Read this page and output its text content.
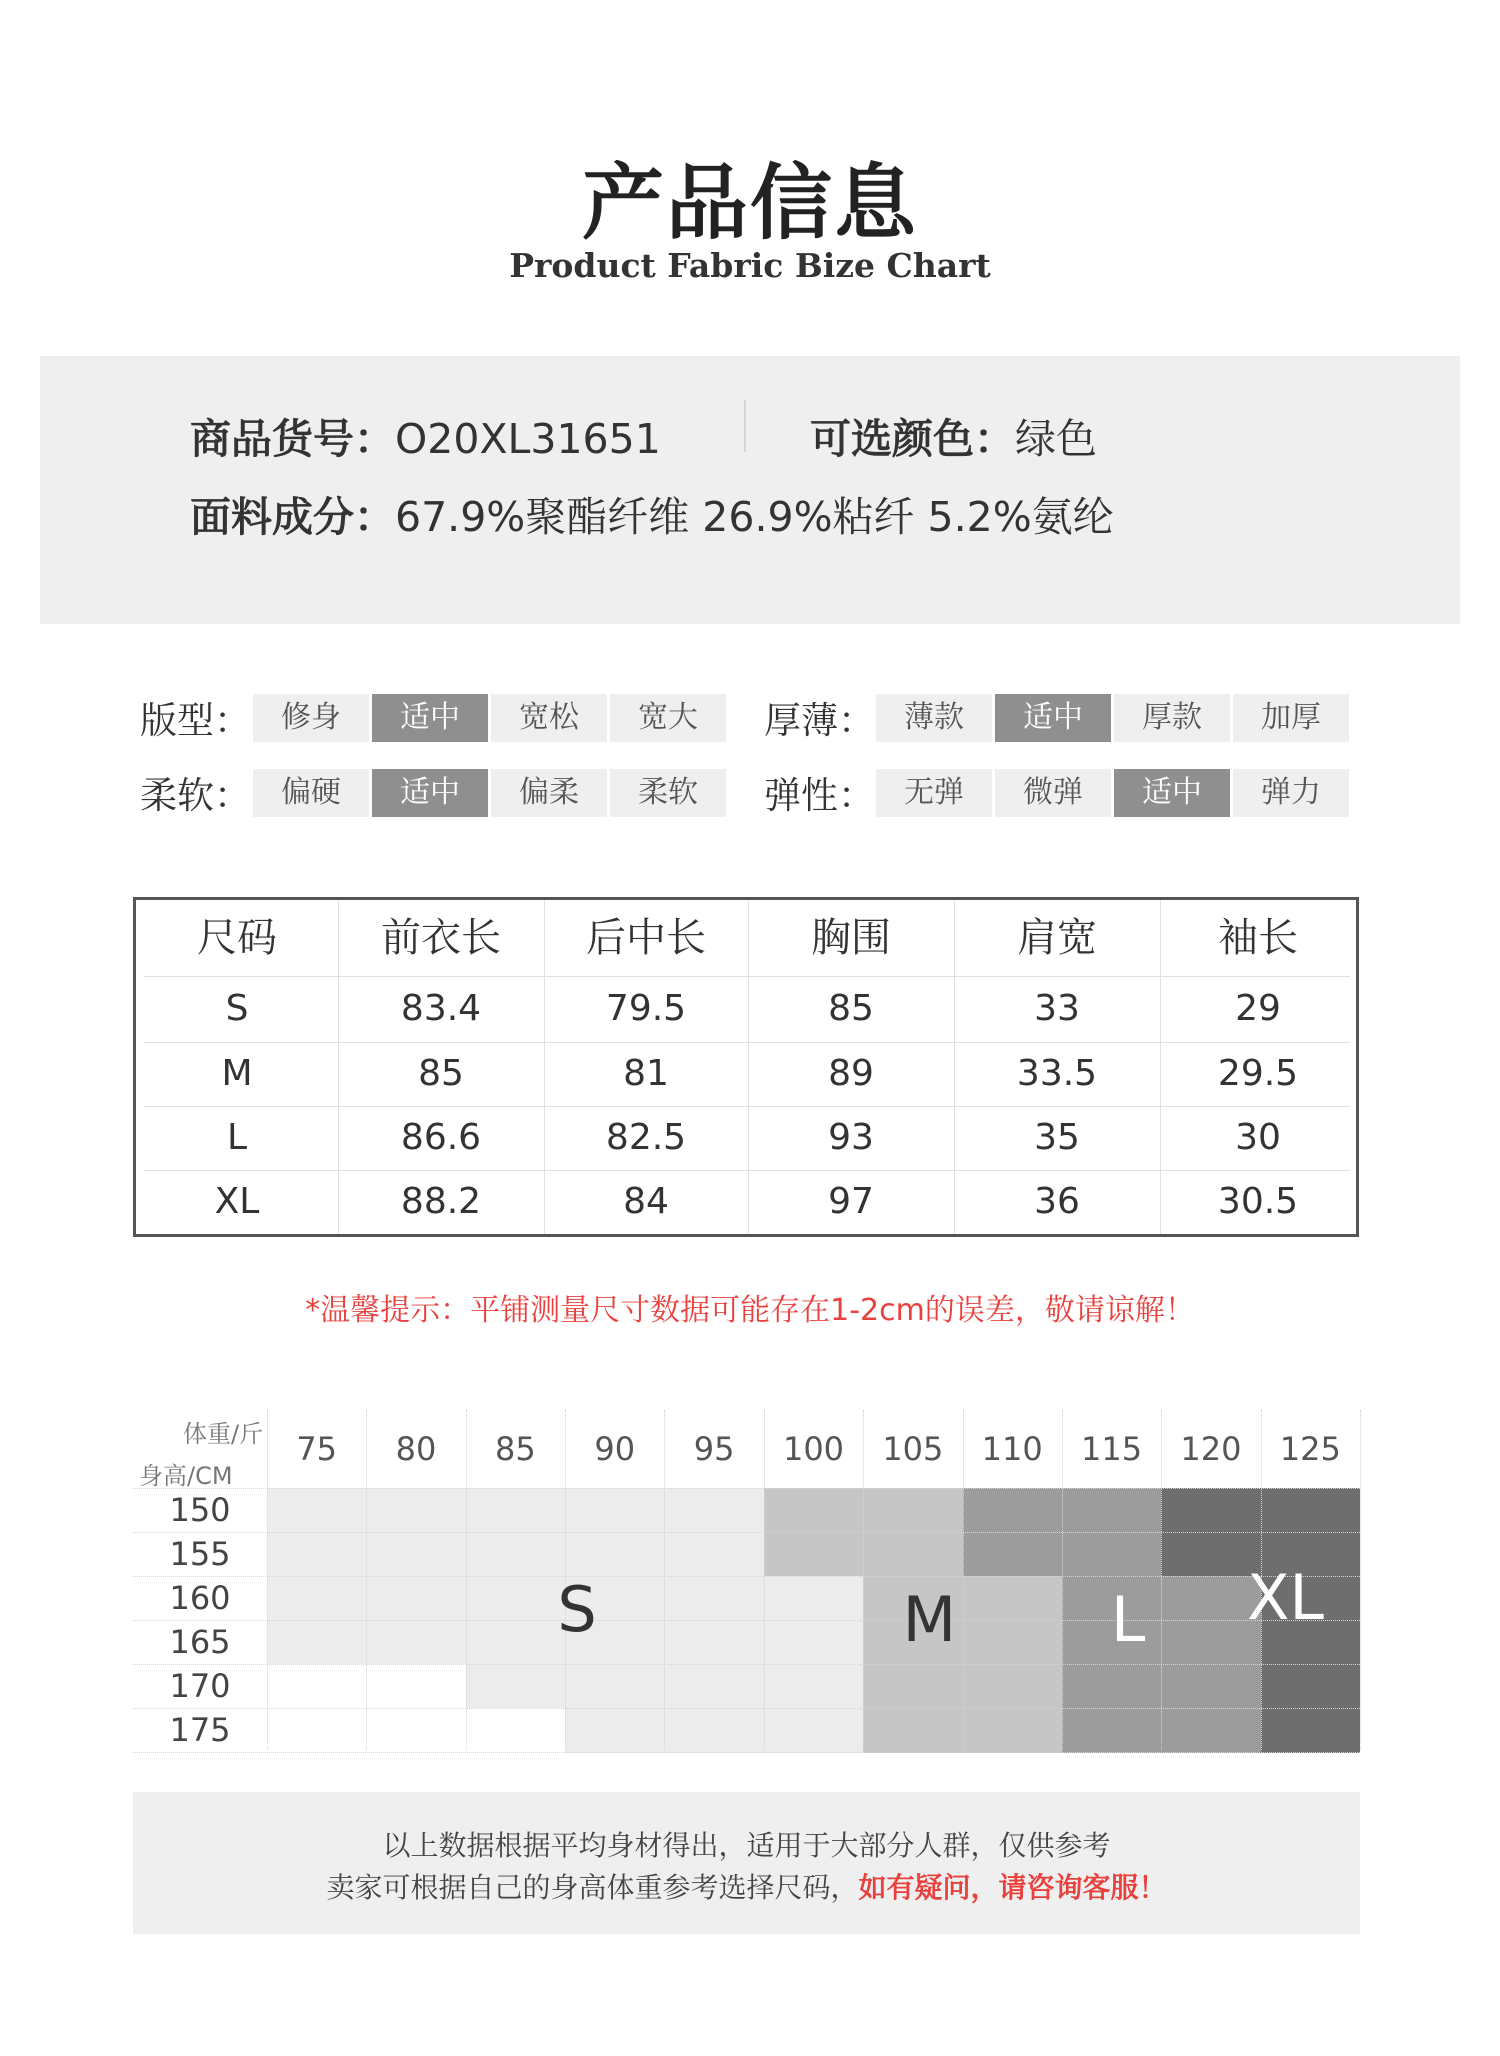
产品信息
Product Fabric Bize Chart
商品货号：O20XL31651	可选颜色：绿色
面料成分：67.9%聚酯纤维 26.9%粘纤 5.2%氨纶
版型：	修身	适中	宽松	宽大	厚薄： 薄款	适中	厚款	加厚
柔软：	偏硬	适中	偏柔	柔软	弹性： 无弹	微弹	适中	弹力
尺码	前衣长	后中长	胸围	肩宽	袖长
S	83.4	79.5	85	33	29
M	85	81	89	33.5	29.5
L	86.6	82.5	93	35	30
XL	88.2	84	97	36	30.5
*温馨提示：平铺测量尺寸数据可能存在1-2cm的误差，敬请谅解！
体重/斤
身高/CM
75	80	85	90	95	100	105	110	115	120	125
150
155
160
165
170
175
S	M	L	XL
以上数据根据平均身材得出，适用于大部分人群，仅供参考
卖家可根据自己的身高体重参考选择尺码，如有疑问，请咨询客服！
